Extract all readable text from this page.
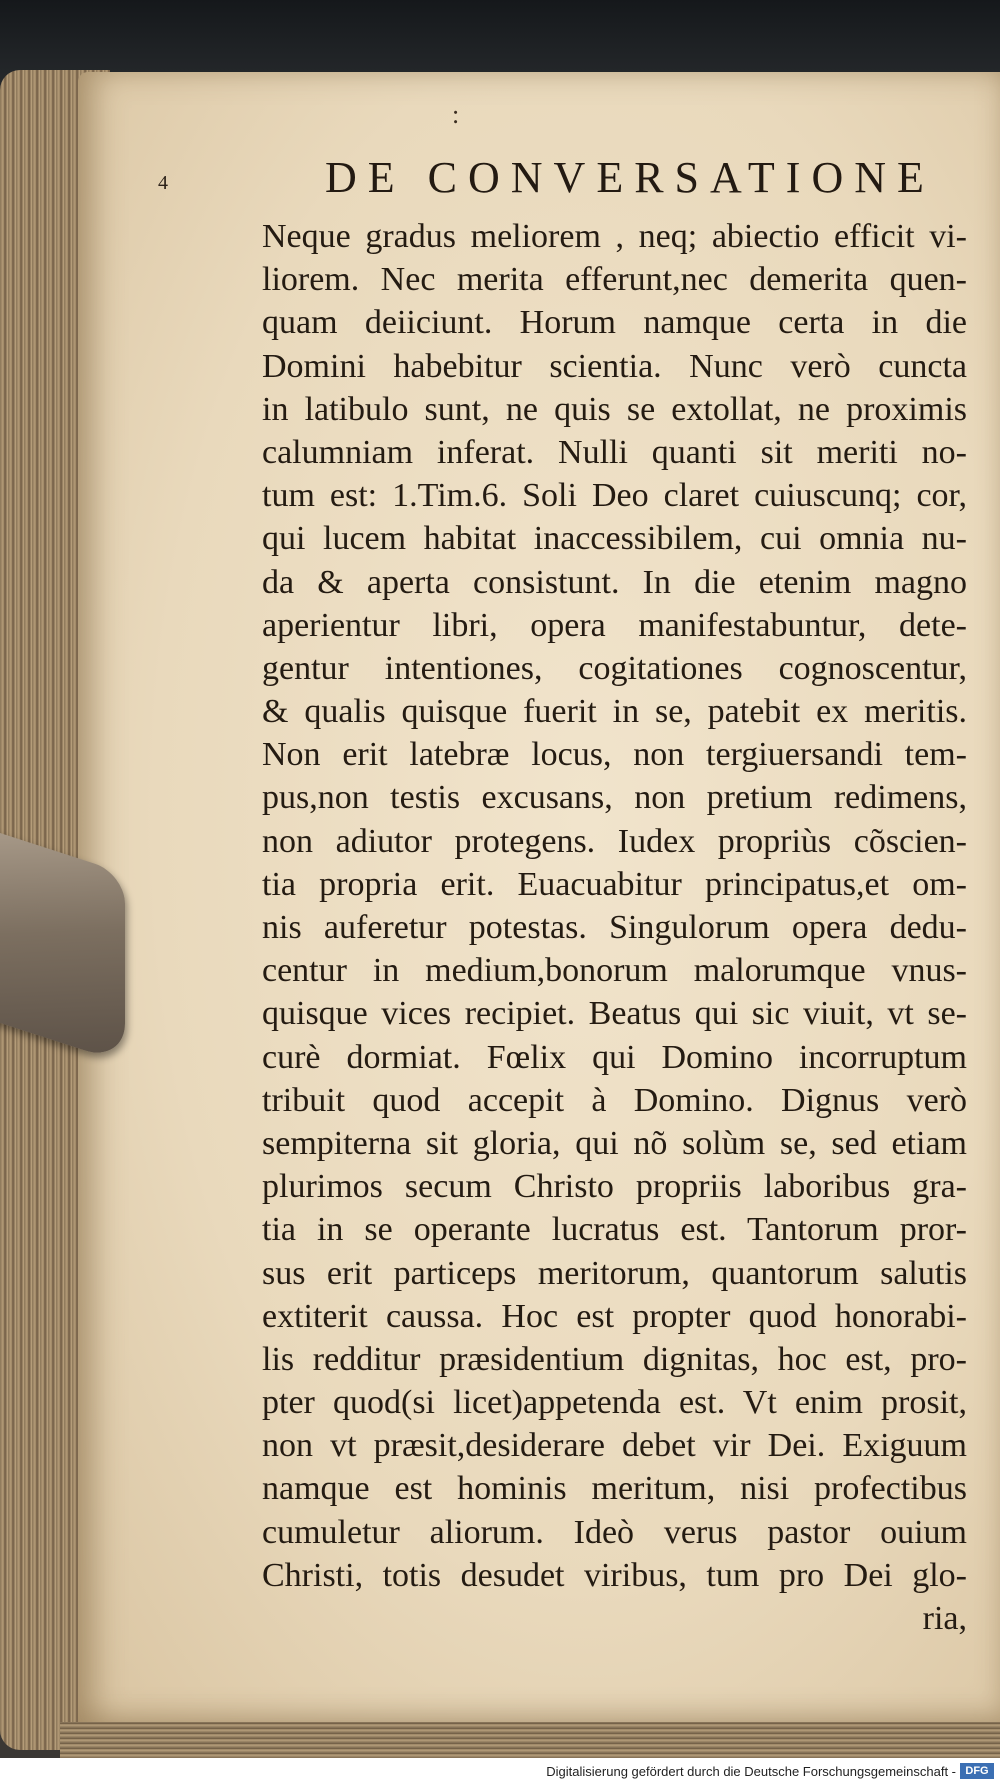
:
4	DE CONVERSATIONE
Neque gradus meliorem , neq; abiectio efficit vi-
liorem. Nec merita efferunt,nec demerita quen-
quam deiiciunt. Horum namque certa in die
Domini habebitur scientia. Nunc verò cuncta
in latibulo sunt, ne quis se extollat, ne proximis
calumniam inferat. Nulli quanti sit meriti no-
tum est: 1.Tim.6. Soli Deo claret cuiuscunq; cor,
qui lucem habitat inaccessibilem, cui omnia nu-
da & aperta consistunt. In die etenim magno
aperientur libri, opera manifestabuntur, dete-
gentur intentiones, cogitationes cognoscentur,
& qualis quisque fuerit in se, patebit ex meritis.
Non erit latebræ locus, non tergiuersandi tem-
pus,non testis excusans, non pretium redimens,
non adiutor protegens. Iudex propriùs cõscien-
tia propria erit. Euacuabitur principatus,et om-
nis auferetur potestas. Singulorum opera dedu-
centur in medium,bonorum malorumque vnus-
quisque vices recipiet. Beatus qui sic viuit, vt se-
curè dormiat. Fœlix qui Domino incorruptum
tribuit quod accepit à Domino. Dignus verò
sempiterna sit gloria, qui nõ solùm se, sed etiam
plurimos secum Christo propriis laboribus gra-
tia in se operante lucratus est. Tantorum pror-
sus erit particeps meritorum, quantorum salutis
extiterit caussa. Hoc est propter quod honorabi-
lis redditur præsidentium dignitas, hoc est, pro-
pter quod(si licet)appetenda est. Vt enim prosit,
non vt præsit,desiderare debet vir Dei. Exiguum
namque est hominis meritum, nisi profectibus
cumuletur aliorum. Ideò verus pastor ouium
Christi, totis desudet viribus, tum pro Dei glo-
ria,
Digitalisierung gefördert durch die Deutsche Forschungsgemeinschaft - DFG
